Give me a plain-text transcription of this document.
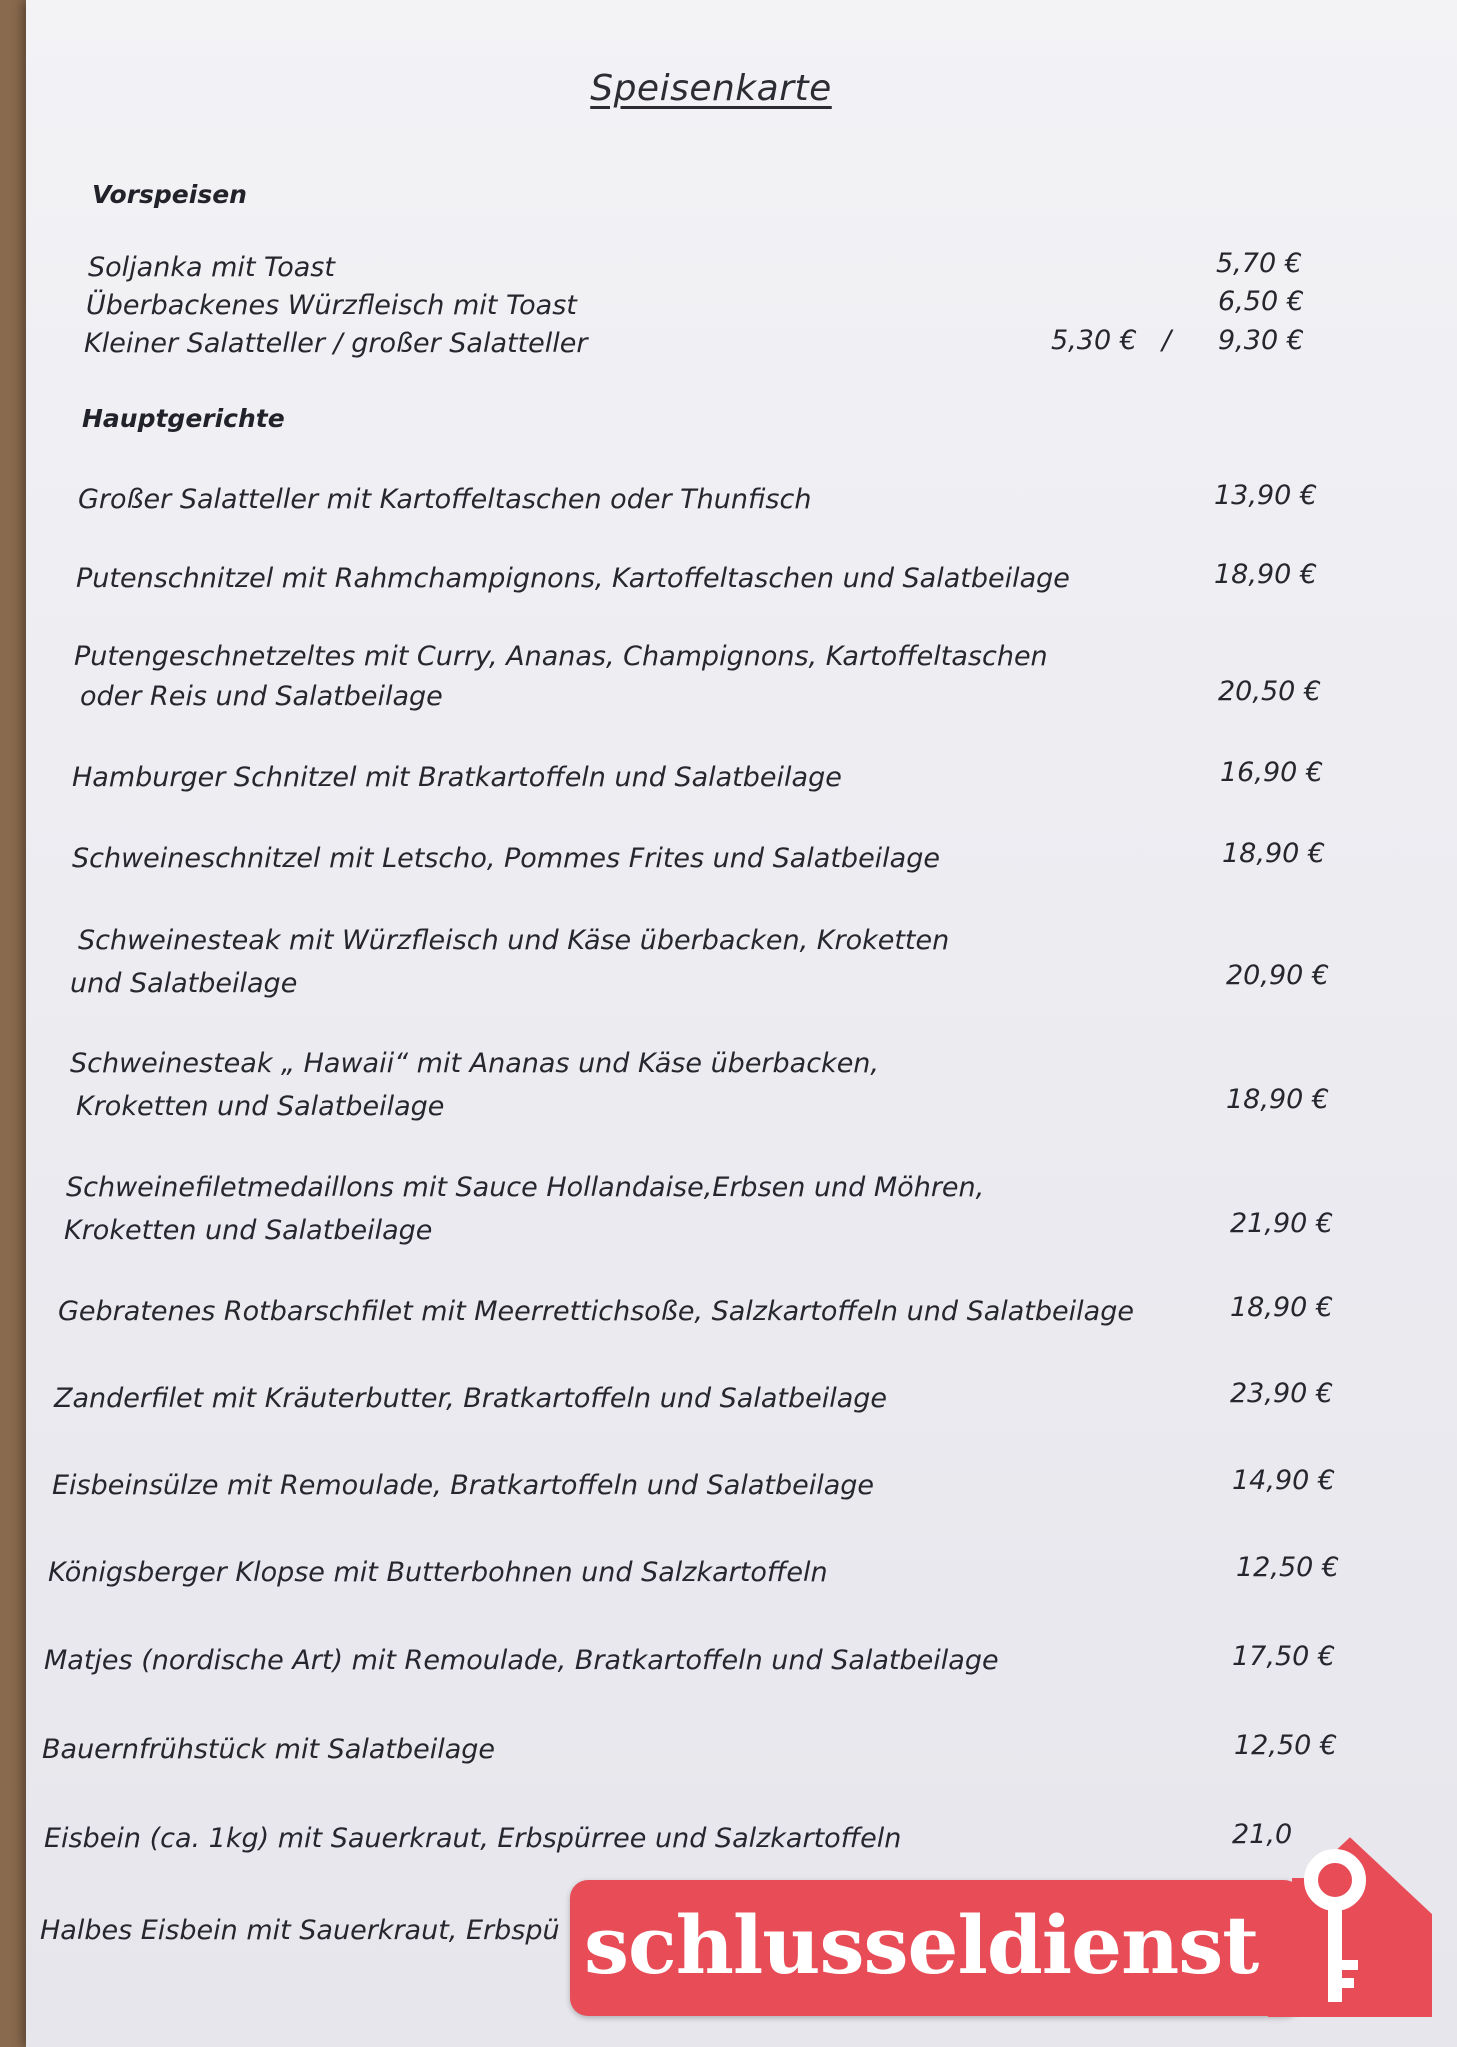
Speisenkarte
Vorspeisen
Soljanka mit Toast	5,70 €
Überbackenes Würzfleisch mit Toast	6,50 €
Kleiner Salatteller / großer Salatteller	5,30 € / 9,30 €
Hauptgerichte
Großer Salatteller mit Kartoffeltaschen oder Thunfisch	13,90 €
Putenschnitzel mit Rahmchampignons, Kartoffeltaschen und Salatbeilage	18,90 €
Putengeschnetzeltes mit Curry, Ananas, Champignons, Kartoffeltaschen
oder Reis und Salatbeilage	20,50 €
Hamburger Schnitzel mit Bratkartoffeln und Salatbeilage	16,90 €
Schweineschnitzel mit Letscho, Pommes Frites und Salatbeilage	18,90 €
Schweinesteak mit Würzfleisch und Käse überbacken, Kroketten
und Salatbeilage	20,90 €
Schweinesteak „ Hawaii“ mit Ananas und Käse überbacken,
Kroketten und Salatbeilage	18,90 €
Schweinefiletmedaillons mit Sauce Hollandaise,Erbsen und Möhren,
Kroketten und Salatbeilage	21,90 €
Gebratenes Rotbarschfilet mit Meerrettichsoße, Salzkartoffeln und Salatbeilage	18,90 €
Zanderfilet mit Kräuterbutter, Bratkartoffeln und Salatbeilage	23,90 €
Eisbeinsülze mit Remoulade, Bratkartoffeln und Salatbeilage	14,90 €
Königsberger Klopse mit Butterbohnen und Salzkartoffeln	12,50 €
Matjes (nordische Art) mit Remoulade, Bratkartoffeln und Salatbeilage	17,50 €
Bauernfrühstück mit Salatbeilage	12,50 €
Eisbein (ca. 1kg) mit Sauerkraut, Erbspürree und Salzkartoffeln	21,0
Halbes Eisbein mit Sauerkraut, Erbspü schlusseldienst
